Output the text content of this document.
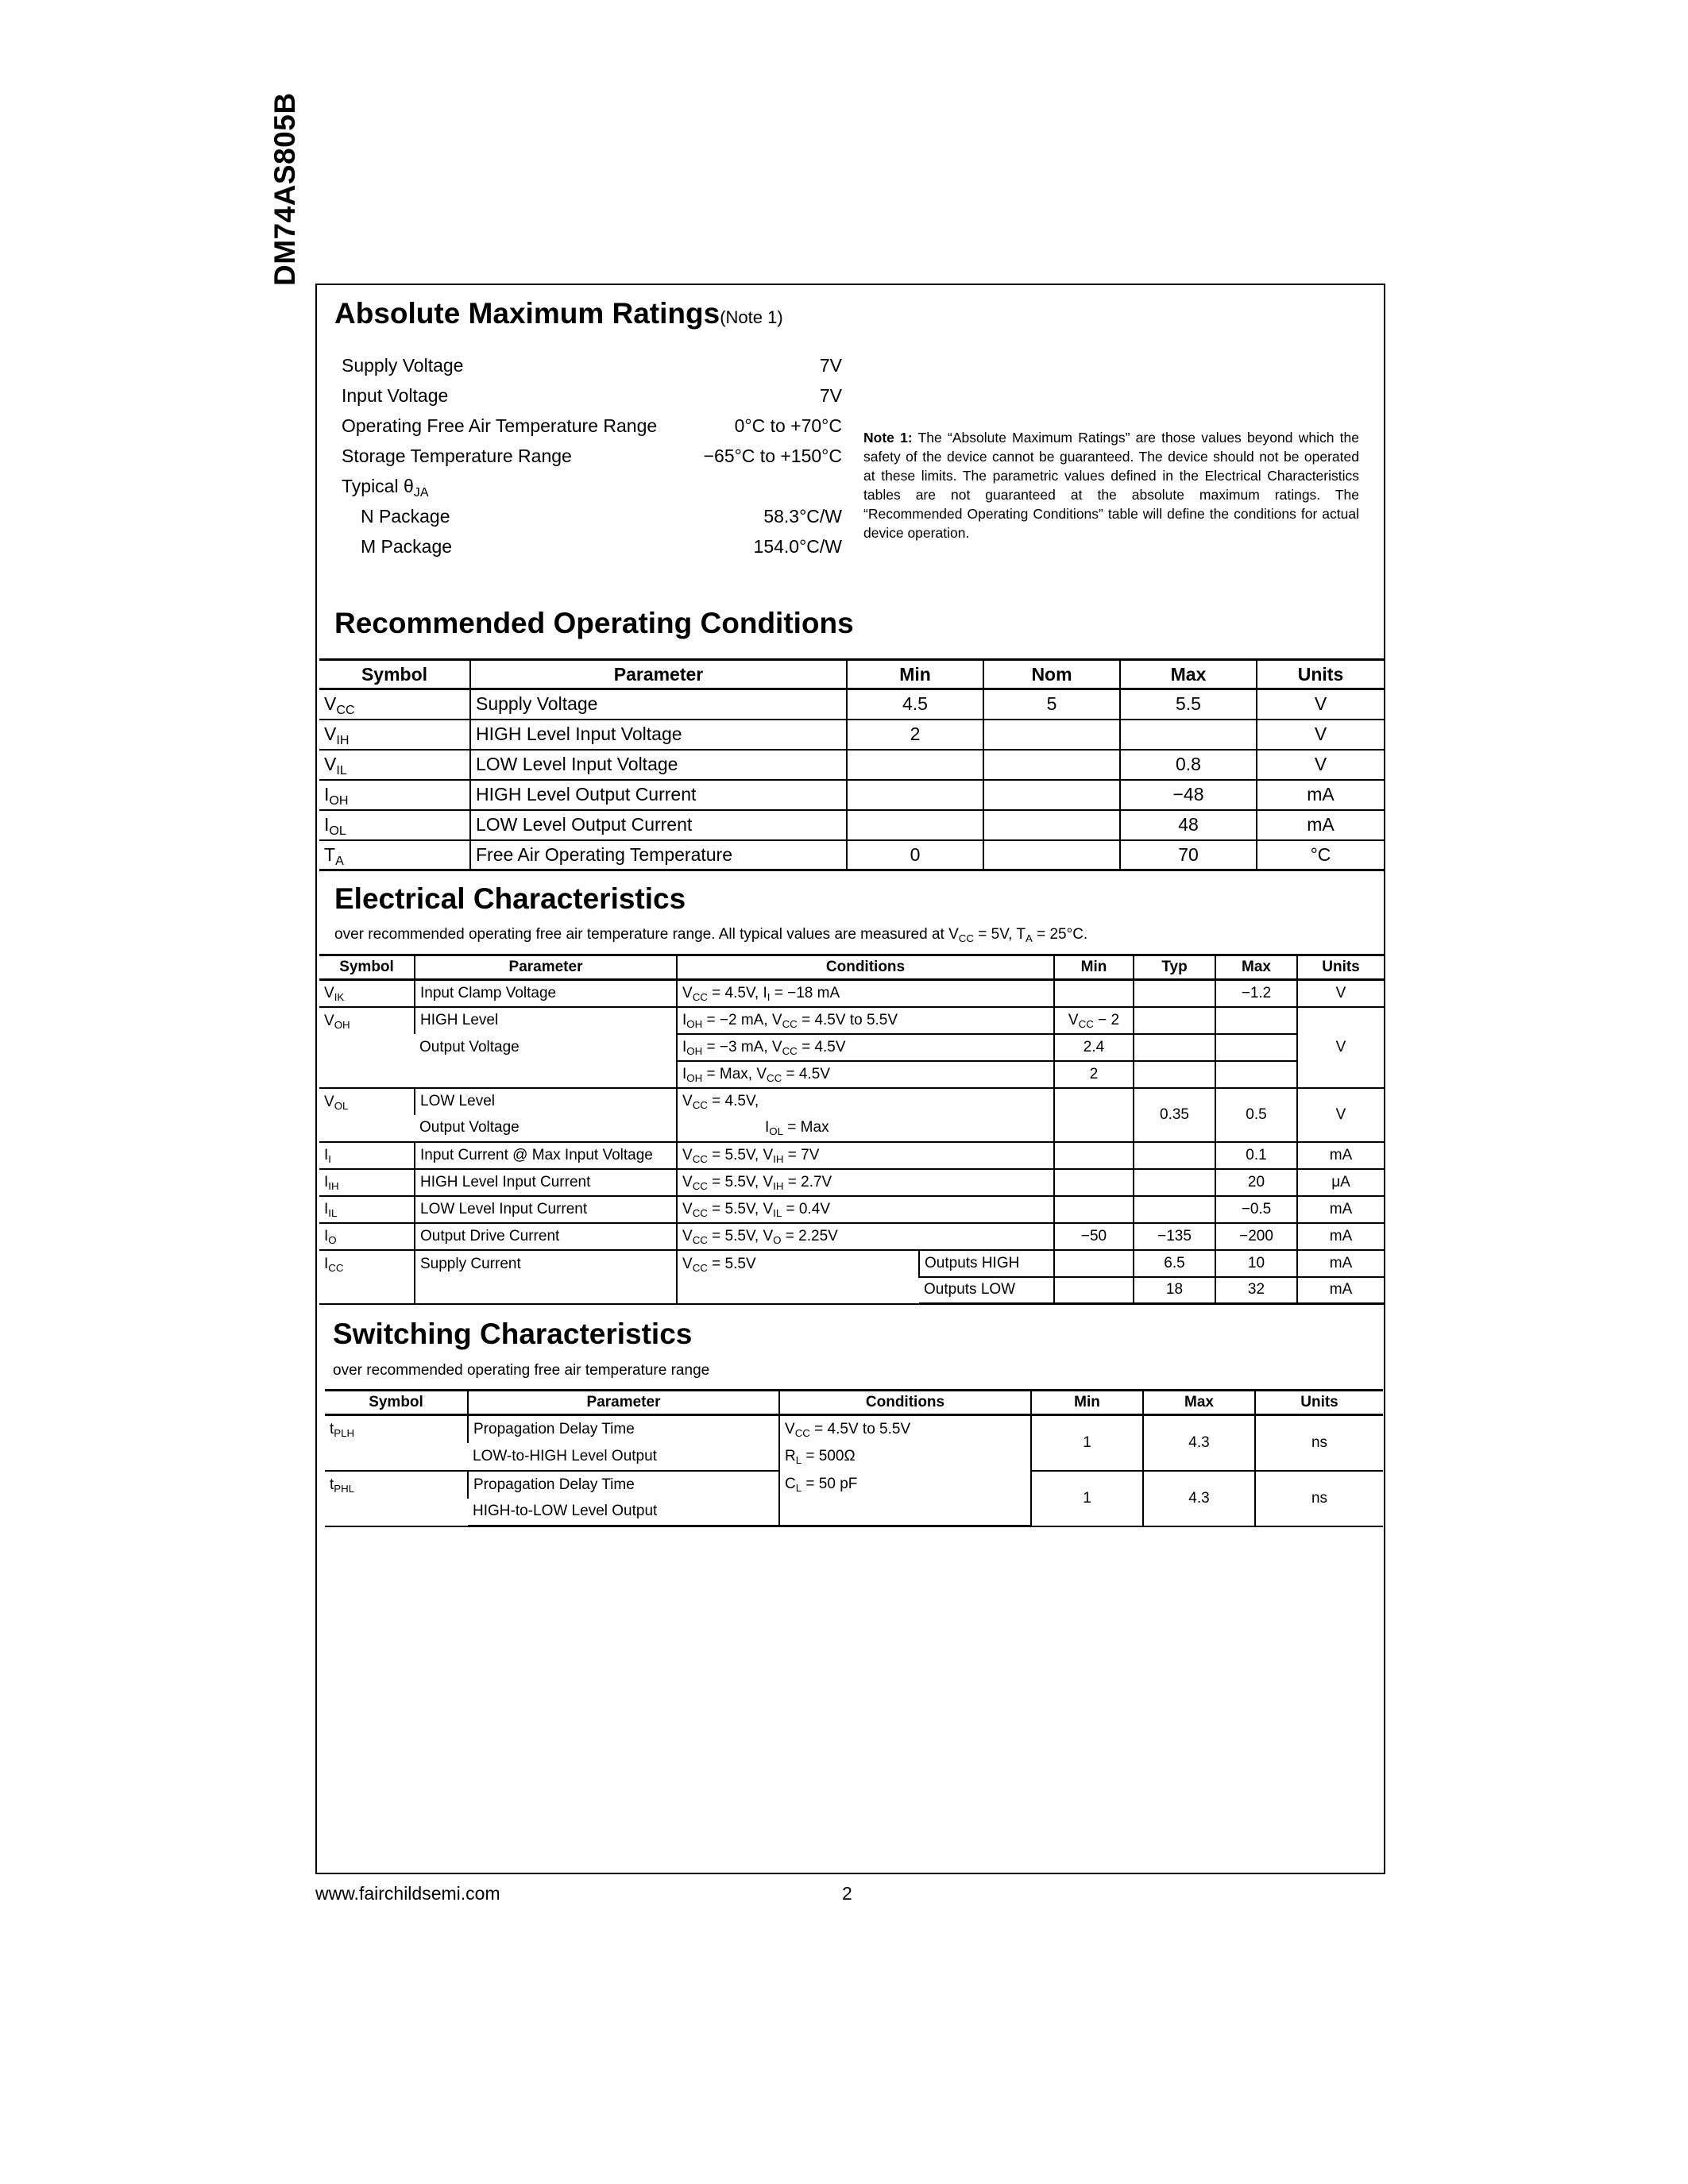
DM74AS805B
Absolute Maximum Ratings(Note 1)
Supply Voltage	7V
Input Voltage	7V
Operating Free Air Temperature Range	0°C to +70°C
Storage Temperature Range	−65°C to +150°C
Typical $\theta_{JA}$
N Package	58.3°C/W
M Package	154.0°C/W
Note 1: The “Absolute Maximum Ratings” are those values beyond which the safety of the device cannot be guaranteed. The device should not be operated at these limits. The parametric values defined in the Electrical Characteristics tables are not guaranteed at the absolute maximum ratings. The “Recommended Operating Conditions” table will define the conditions for actual device operation.
Recommended Operating Conditions
Symbol	Parameter	Min	Nom	Max	Units
$V_{CC}$	Supply Voltage	4.5	5	5.5	V
$V_{IH}$	HIGH Level Input Voltage	2			V
$V_{IL}$	LOW Level Input Voltage			0.8	V
$I_{OH}$	HIGH Level Output Current			−48	mA
$I_{OL}$	LOW Level Output Current			48	mA
$T_A$	Free Air Operating Temperature	0		70	°C
Electrical Characteristics
over recommended operating free air temperature range. All typical values are measured at $V_{CC} = 5V$, $T_A = 25^\circ C$.
Symbol	Parameter	Conditions		Min	Typ	Max	Units
$V_{IK}$	Input Clamp Voltage	$V_{CC} = 4.5V$, $I_I = -18$ mA				−1.2	V
$V_{OH}$	HIGH Level	$I_{OH} = -2$ mA, $V_{CC} = 4.5V$ to 5.5V		$V_{CC} - 2$			V
	Output Voltage	$I_{OH} = -3$ mA, $V_{CC} = 4.5V$		2.4			
		$I_{OH}$ = Max, $V_{CC} = 4.5V$		2			
$V_{OL}$	LOW Level	$V_{CC} = 4.5V$,			0.35	0.5	V
	Output Voltage	$I_{OL}$ = Max					
$I_I$	Input Current @ Max Input Voltage	$V_{CC} = 5.5V$, $V_{IH} = 7V$				0.1	mA
$I_{IH}$	HIGH Level Input Current	$V_{CC} = 5.5V$, $V_{IH} = 2.7V$				20	μA
$I_{IL}$	LOW Level Input Current	$V_{CC} = 5.5V$, $V_{IL} = 0.4V$				−0.5	mA
$I_O$	Output Drive Current	$V_{CC} = 5.5V$, $V_O = 2.25V$		−50	−135	−200	mA
$I_{CC}$	Supply Current	$V_{CC} = 5.5V$	Outputs HIGH		6.5	10	mA
			Outputs LOW		18	32	mA
Switching Characteristics
over recommended operating free air temperature range
Symbol	Parameter	Conditions	Min	Max	Units
$t_{PLH}$	Propagation Delay Time	$V_{CC} = 4.5V$ to 5.5V	1	4.3	ns
	LOW-to-HIGH Level Output	$R_L = 500\Omega$			
$t_{PHL}$	Propagation Delay Time	$C_L = 50$ pF	1	4.3	ns
	HIGH-to-LOW Level Output				
www.fairchildsemi.com	2
